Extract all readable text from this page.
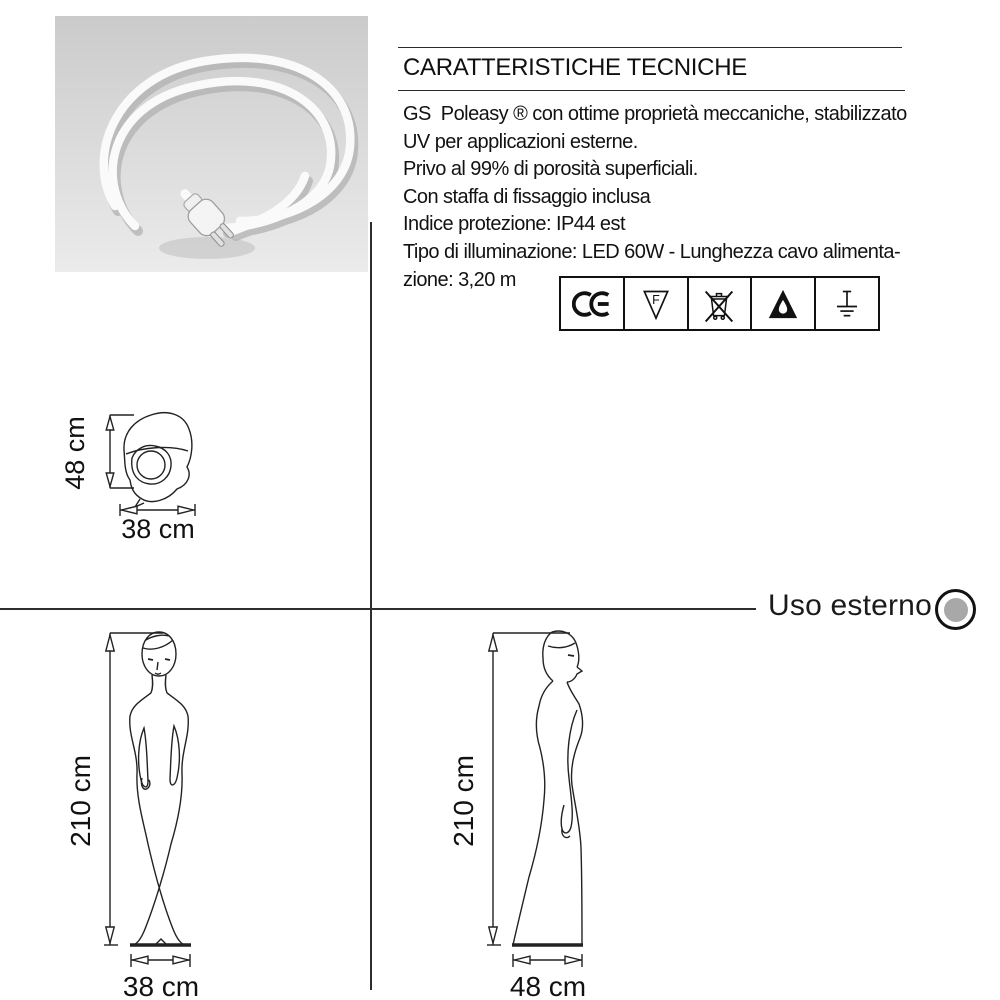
CARATTERISTICHE TECNICHE
GS  Poleasy ® con ottime proprietà meccaniche, stabilizzato
UV per applicazioni esterne.
Privo al 99% di porosità superficiali.
Con staffa di fissaggio inclusa
Indice protezione: IP44 est
Tipo di illuminazione: LED 60W - Lunghezza cavo alimenta-
zione: 3,20 m
F
48 cm
38 cm
Uso esterno
210 cm
38 cm
210 cm
48 cm
